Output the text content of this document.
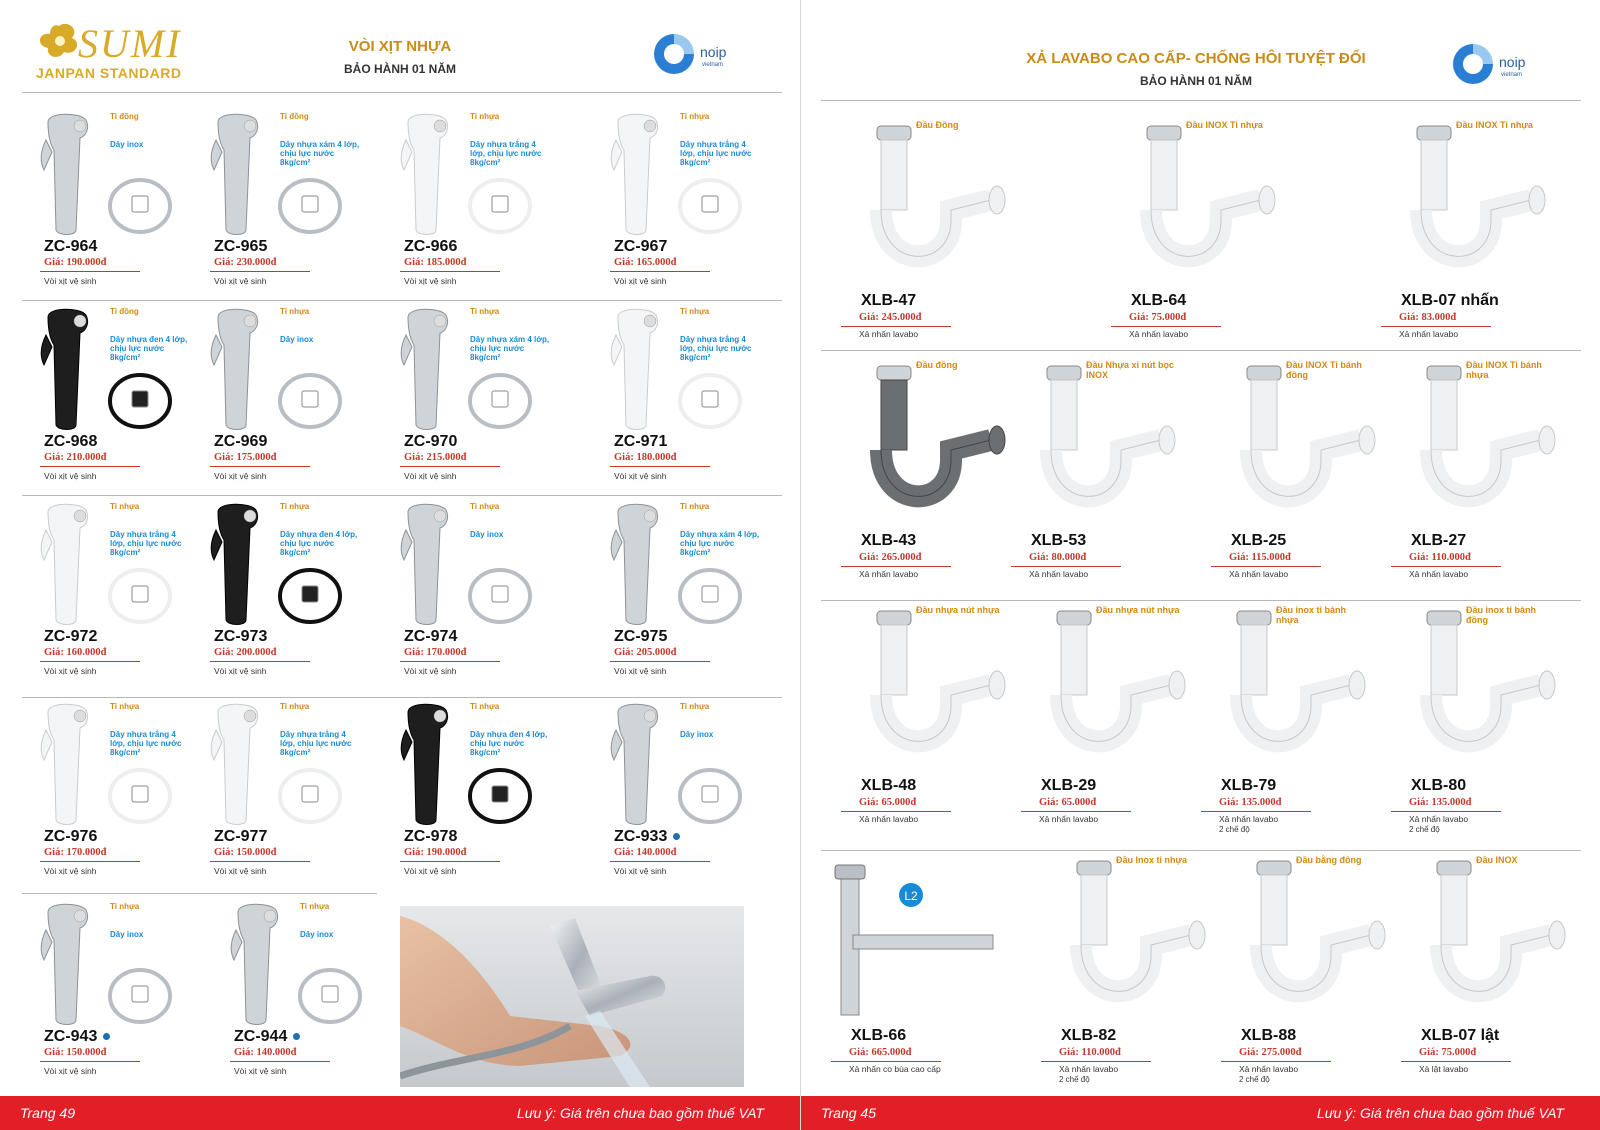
SUMI
JANPAN STANDARD
VÒI XỊT NHỰA
BẢO HÀNH 01 NĂM
noip
vietnam
Ti đồng
Dây inox
ZC-964
Giá: 190.000đ
Vòi xịt vệ sinh
Ti đồng
Dây nhựa xám 4 lớp, chịu lực nước 8kg/cm²
ZC-965
Giá: 230.000đ
Vòi xịt vệ sinh
Ti nhựa
Dây nhựa trắng 4 lớp, chịu lực nước 8kg/cm²
ZC-966
Giá: 185.000đ
Vòi xịt vệ sinh
Ti nhựa
Dây nhựa trắng 4 lớp, chịu lực nước 8kg/cm²
ZC-967
Giá: 165.000đ
Vòi xịt vệ sinh
Ti đồng
Dây nhựa đen 4 lớp, chịu lực nước 8kg/cm²
ZC-968
Giá: 210.000đ
Vòi xịt vệ sinh
Ti nhựa
Dây inox
ZC-969
Giá: 175.000đ
Vòi xịt vệ sinh
Ti nhựa
Dây nhựa xám 4 lớp, chịu lực nước 8kg/cm²
ZC-970
Giá: 215.000đ
Vòi xịt vệ sinh
Ti nhựa
Dây nhựa trắng 4 lớp, chịu lực nước 8kg/cm²
ZC-971
Giá: 180.000đ
Vòi xịt vệ sinh
Ti nhựa
Dây nhựa trắng 4 lớp, chịu lực nước 8kg/cm²
ZC-972
Giá: 160.000đ
Vòi xịt vệ sinh
Ti nhựa
Dây nhựa đen 4 lớp, chịu lực nước 8kg/cm²
ZC-973
Giá: 200.000đ
Vòi xịt vệ sinh
Ti nhựa
Dây inox
ZC-974
Giá: 170.000đ
Vòi xịt vệ sinh
Ti nhựa
Dây nhựa xám 4 lớp, chịu lực nước 8kg/cm²
ZC-975
Giá: 205.000đ
Vòi xịt vệ sinh
Ti nhựa
Dây nhựa trắng 4 lớp, chịu lực nước 8kg/cm²
ZC-976
Giá: 170.000đ
Vòi xịt vệ sinh
Ti nhựa
Dây nhựa trắng 4 lớp, chịu lực nước 8kg/cm²
ZC-977
Giá: 150.000đ
Vòi xịt vệ sinh
Ti nhựa
Dây nhựa đen 4 lớp, chịu lực nước 8kg/cm²
ZC-978
Giá: 190.000đ
Vòi xịt vệ sinh
Ti nhựa
Dây inox
ZC-933
Giá: 140.000đ
Vòi xịt vệ sinh
Ti nhựa
Dây inox
ZC-943
Giá: 150.000đ
Vòi xịt vệ sinh
Ti nhựa
Dây inox
ZC-944
Giá: 140.000đ
Vòi xịt vệ sinh
Trang 49	Lưu ý: Giá trên chưa bao gồm thuế VAT
XẢ LAVABO CAO CẤP- CHỐNG HÔI TUYỆT ĐỐI
BẢO HÀNH 01 NĂM
noip
vietnam
Đầu Đồng
XLB-47
Giá: 245.000đ
Xả nhấn lavabo
Đầu INOX Ti nhựa
XLB-64
Giá: 75.000đ
Xả nhấn lavabo
Đầu INOX Ti nhựa
XLB-07 nhấn
Giá: 83.000đ
Xả nhấn lavabo
Đầu đồng
XLB-43
Giá: 265.000đ
Xả nhấn lavabo
Đầu Nhựa xi nút bọc INOX
XLB-53
Giá: 80.000đ
Xả nhấn lavabo
Đầu INOX Ti bánh đồng
XLB-25
Giá: 115.000đ
Xả nhấn lavabo
Đầu INOX Ti bánh nhựa
XLB-27
Giá: 110.000đ
Xả nhấn lavabo
Đầu nhựa nút nhựa
XLB-48
Giá: 65.000đ
Xả nhấn lavabo
Đầu nhựa nút nhựa
XLB-29
Giá: 65.000đ
Xả nhấn lavabo
Đầu inox ti bánh nhựa
XLB-79
Giá: 135.000đ
Xả nhấn lavabo
2 chế độ
Đầu inox ti bánh đồng
XLB-80
Giá: 135.000đ
Xả nhấn lavabo
2 chế độ
L2
XLB-66
Giá: 665.000đ
Xả nhấn co bùa cao cấp
Đầu Inox ti nhựa
XLB-82
Giá: 110.000đ
Xả nhấn lavabo
2 chế độ
Đầu bằng đồng
XLB-88
Giá: 275.000đ
Xả nhấn lavabo
2 chế độ
Đầu INOX
XLB-07 lật
Giá: 75.000đ
Xả lật lavabo
Trang 45	Lưu ý: Giá trên chưa bao gồm thuế VAT
